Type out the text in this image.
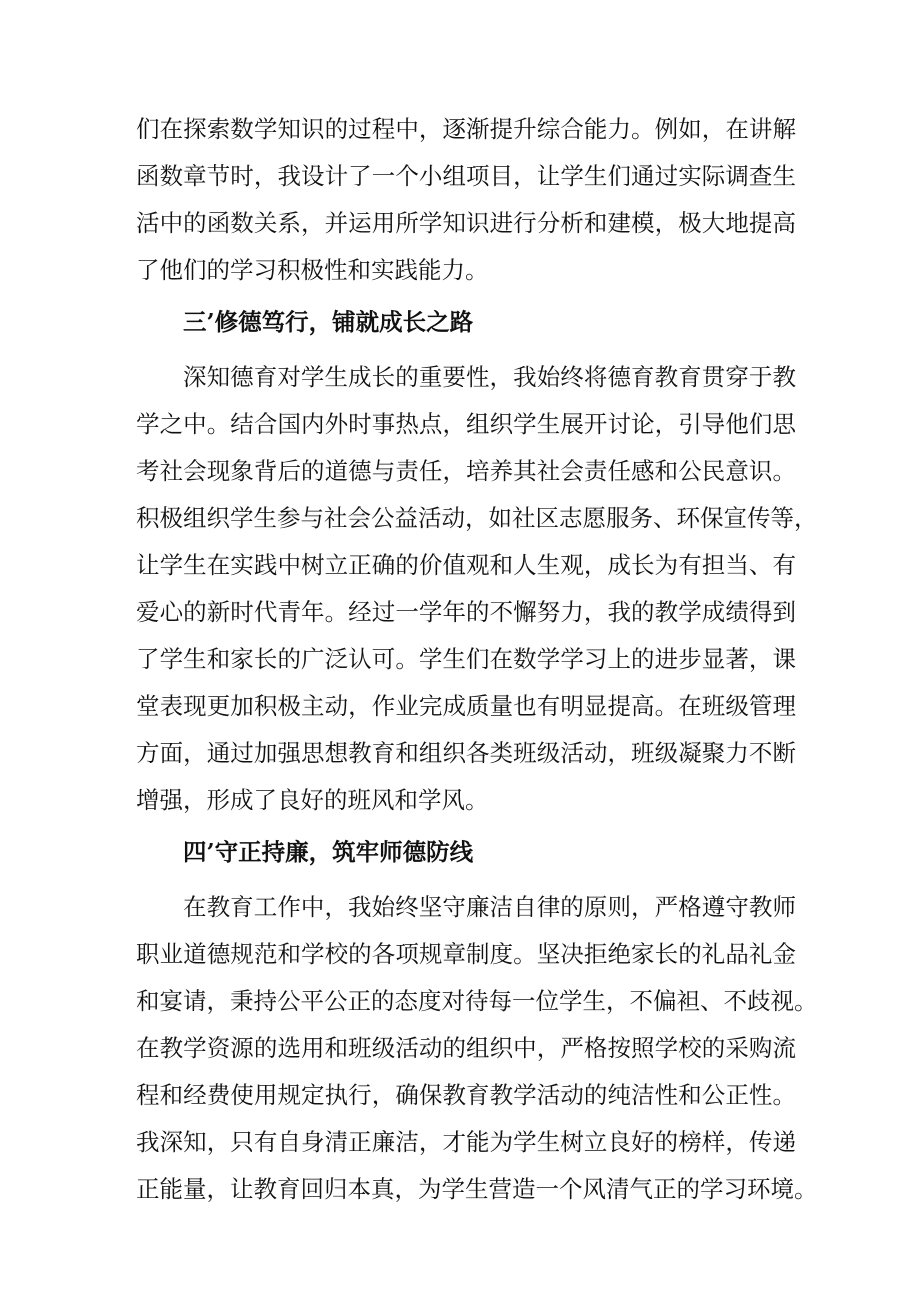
们在探索数学知识的过程中，逐渐提升综合能力。例如，在讲解
函数章节时，我设计了一个小组项目，让学生们通过实际调查生
活中的函数关系，并运用所学知识进行分析和建模，极大地提高
了他们的学习积极性和实践能力。
三’修德笃行，铺就成长之路
深知德育对学生成长的重要性，我始终将德育教育贯穿于教
学之中。结合国内外时事热点，组织学生展开讨论，引导他们思
考社会现象背后的道德与责任，培养其社会责任感和公民意识。
积极组织学生参与社会公益活动，如社区志愿服务、环保宣传等，
让学生在实践中树立正确的价值观和人生观，成长为有担当、有
爱心的新时代青年。经过一学年的不懈努力，我的教学成绩得到
了学生和家长的广泛认可。学生们在数学学习上的进步显著，课
堂表现更加积极主动，作业完成质量也有明显提高。在班级管理
方面，通过加强思想教育和组织各类班级活动，班级凝聚力不断
增强，形成了良好的班风和学风。
四’守正持廉，筑牢师德防线
在教育工作中，我始终坚守廉洁自律的原则，严格遵守教师
职业道德规范和学校的各项规章制度。坚决拒绝家长的礼品礼金
和宴请，秉持公平公正的态度对待每一位学生，不偏袒、不歧视。
在教学资源的选用和班级活动的组织中，严格按照学校的采购流
程和经费使用规定执行，确保教育教学活动的纯洁性和公正性。
我深知，只有自身清正廉洁，才能为学生树立良好的榜样，传递
正能量，让教育回归本真，为学生营造一个风清气正的学习环境。
